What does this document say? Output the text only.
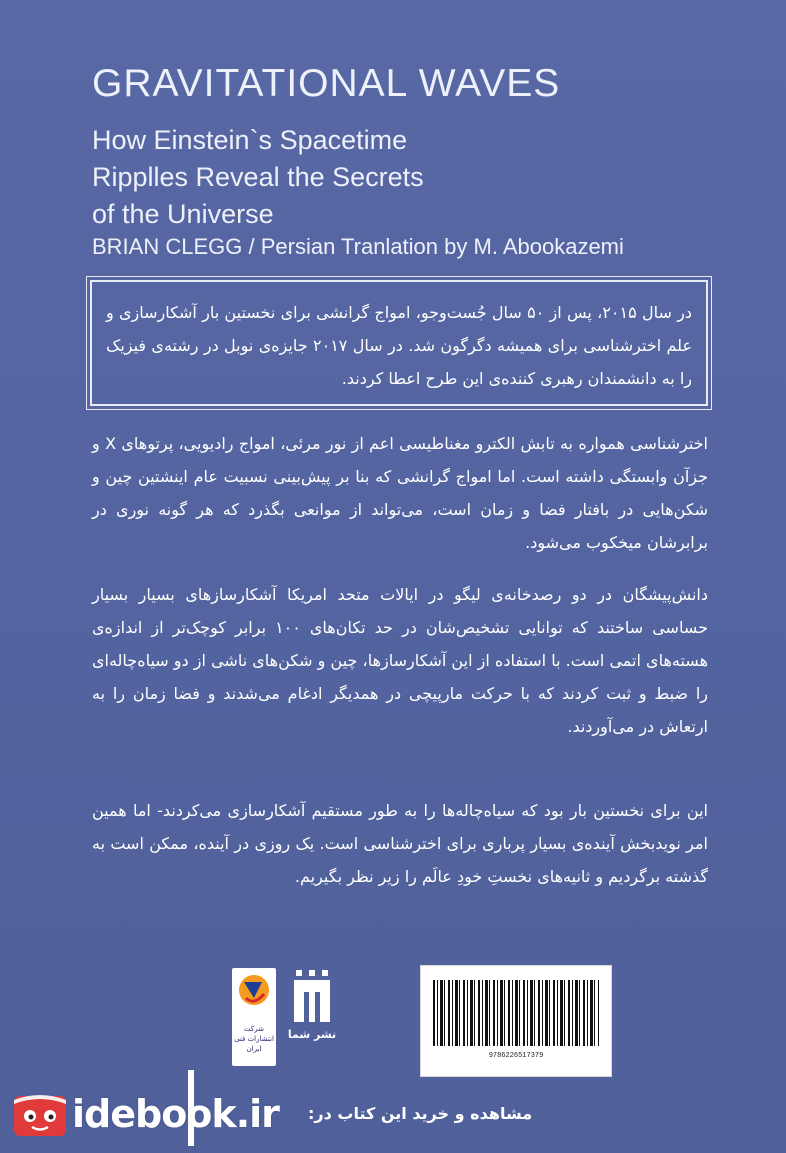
GRAVITATIONAL WAVES
How Einstein`s Spacetime
Ripplles Reveal the Secrets
of the Universe
BRIAN CLEGG / Persian Tranlation by M. Abookazemi
در سال ۲۰۱۵، پس از ۵۰ سال جُست‌وجو، امواج گرانشی برای نخستین بار آشکارسازی و علم اخترشناسی برای همیشه دگرگون شد. در سال ۲۰۱۷ جایزه‌ی نوبل در رشته‌ی فیزیک را به دانشمندان رهبری کننده‌ی این طرح اعطا کردند.
اخترشناسی همواره به تابش الکترو مغناطیسی اعم از نور مرئی، امواج رادیویی، پرتوهای X و جزآن وابستگی داشته است. اما امواج گرانشی که بنا بر پیش‌بینی نسبیت عام اینشتین چین و شکن‌هایی در بافتار فضا و زمان است، می‌تواند از موانعی بگذرد که هر گونه نوری در برابرشان میخکوب می‌شود.
دانش‌پیشگان در دو رصدخانه‌ی لیگو در ایالات متحد امریکا آشکارسازهای بسیار بسیار حساسی ساختند که توانایی تشخیص‌شان در حد تکان‌های ۱۰۰ برابر کوچک‌تر از اندازه‌ی هسته‌های اتمی است. با استفاده از این آشکارسازها، چین و شکن‌های ناشی از دو سیاه‌چاله‌ای را ضبط و ثبت کردند که با حرکت مارپیچی در همدیگر ادغام می‌شدند و فضا زمان را به ارتعاش در می‌آوردند.
این برای نخستین بار بود که سیاه‌چاله‌ها را به طور مستقیم آشکارسازی می‌کردند- اما همین امر نویدبخش آینده‌ی بسیار پرباری برای اخترشناسی است. یک روزی در آینده، ممکن است به گذشته برگردیم و ثانیه‌های نخستِ خودِ عالَم را زیر نظر بگیریم.
شرکت انتشارات فنی ایران
نشر شما
9786226517379
idebook.ir مشاهده و خرید این کتاب در:
